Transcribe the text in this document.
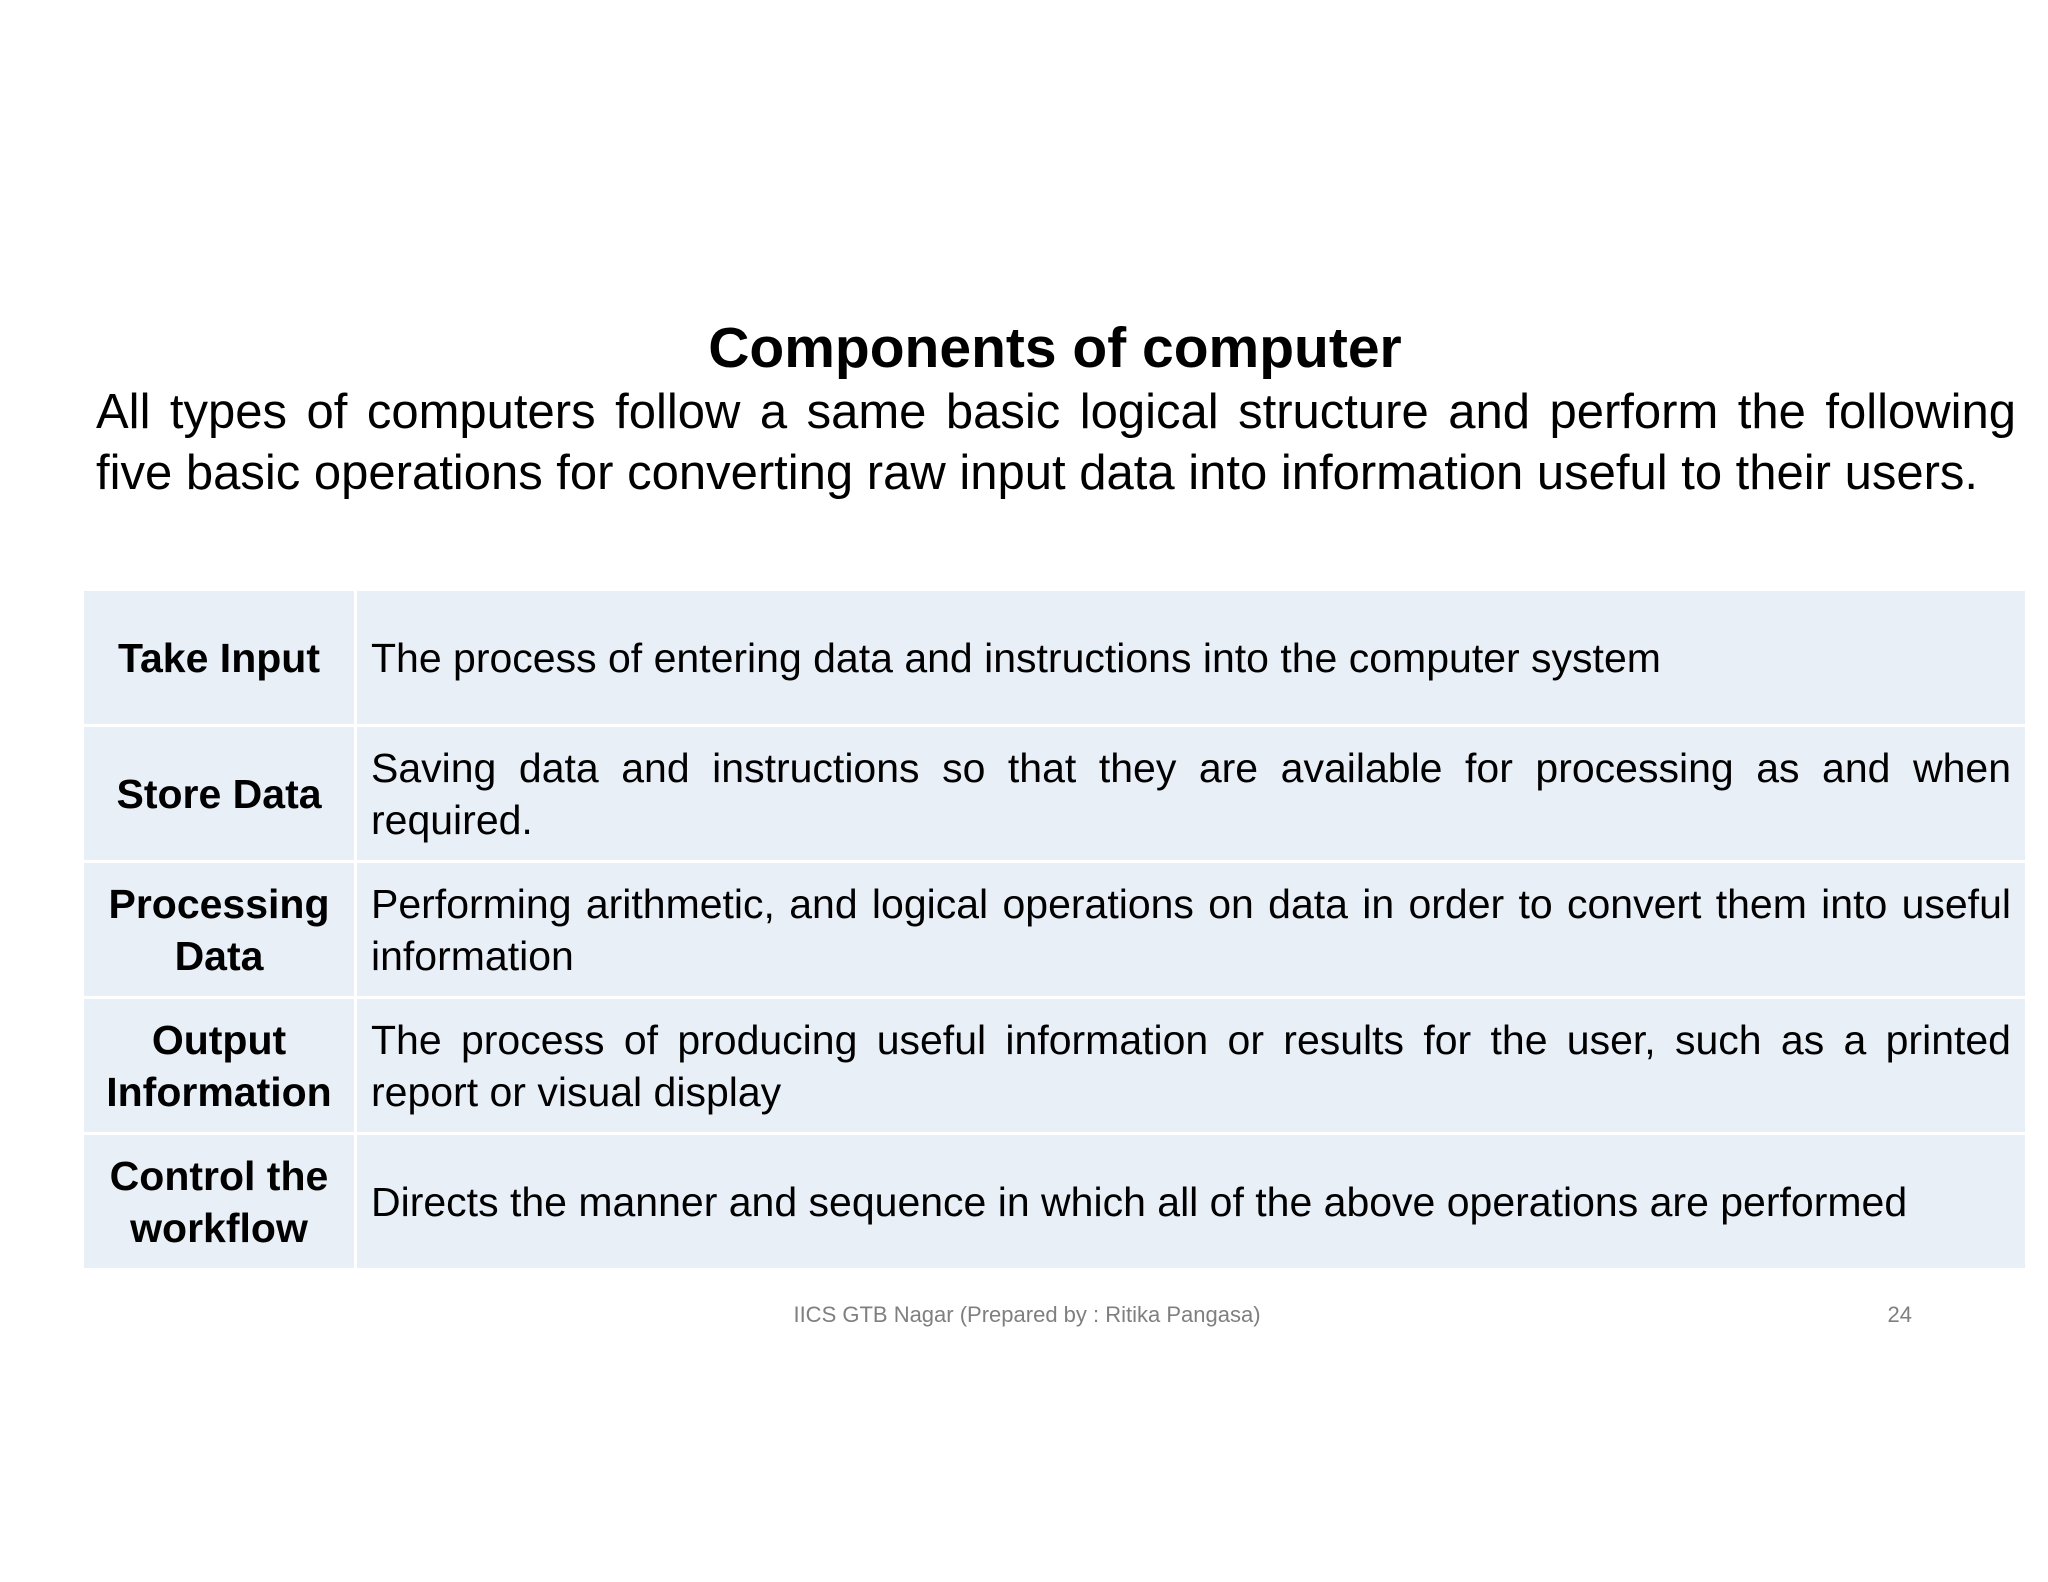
Components of computer

All types of computers follow a same basic logical structure and perform the following five basic operations for converting raw input data into information useful to their users.

Take Input	The process of entering data and instructions into the computer system
Store Data	Saving data and instructions so that they are available for processing as and when required.
Processing Data	Performing arithmetic, and logical operations on data in order to convert them into useful information
Output Information	The process of producing useful information or results for the user, such as a printed report or visual display
Control the workflow	Directs the manner and sequence in which all of the above operations are performed

IICS GTB Nagar (Prepared by : Ritika Pangasa)	24
